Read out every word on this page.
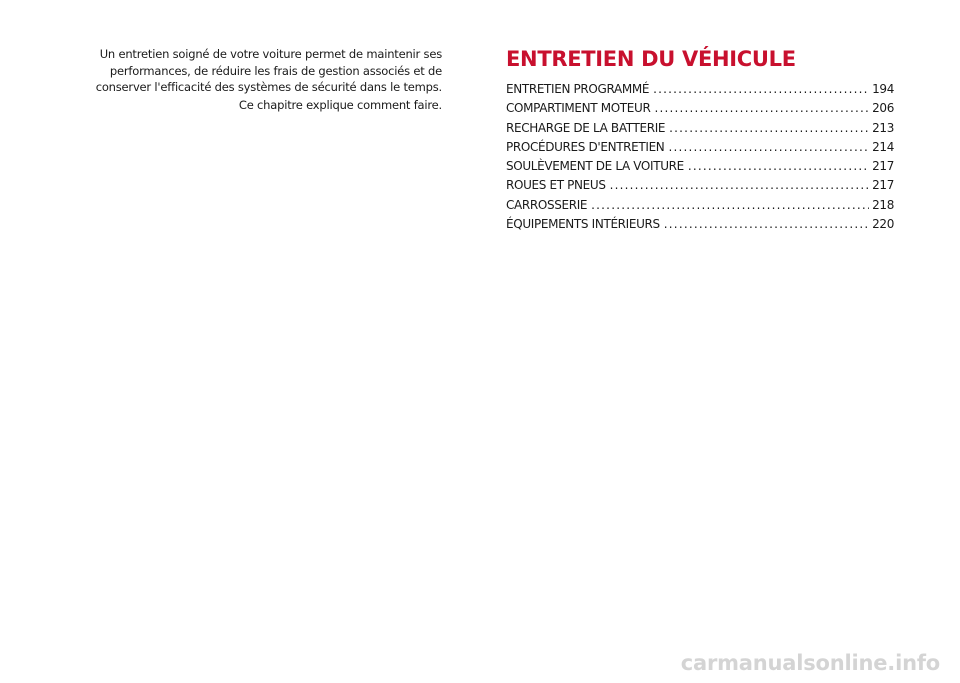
Un entretien soigné de votre voiture permet de maintenir ses performances, de réduire les frais de gestion associés et de conserver l'efficacité des systèmes de sécurité dans le temps.

Ce chapitre explique comment faire.

ENTRETIEN DU VÉHICULE
ENTRETIEN PROGRAMMÉ .....	194
COMPARTIMENT MOTEUR .....	206
RECHARGE DE LA BATTERIE .....	213
PROCÉDURES D'ENTRETIEN .....	214
SOULÈVEMENT DE LA VOITURE .....	217
ROUES ET PNEUS .....	217
CARROSSERIE .....	218
ÉQUIPEMENTS INTÉRIEURS .....	220
carmanualsonline.info
